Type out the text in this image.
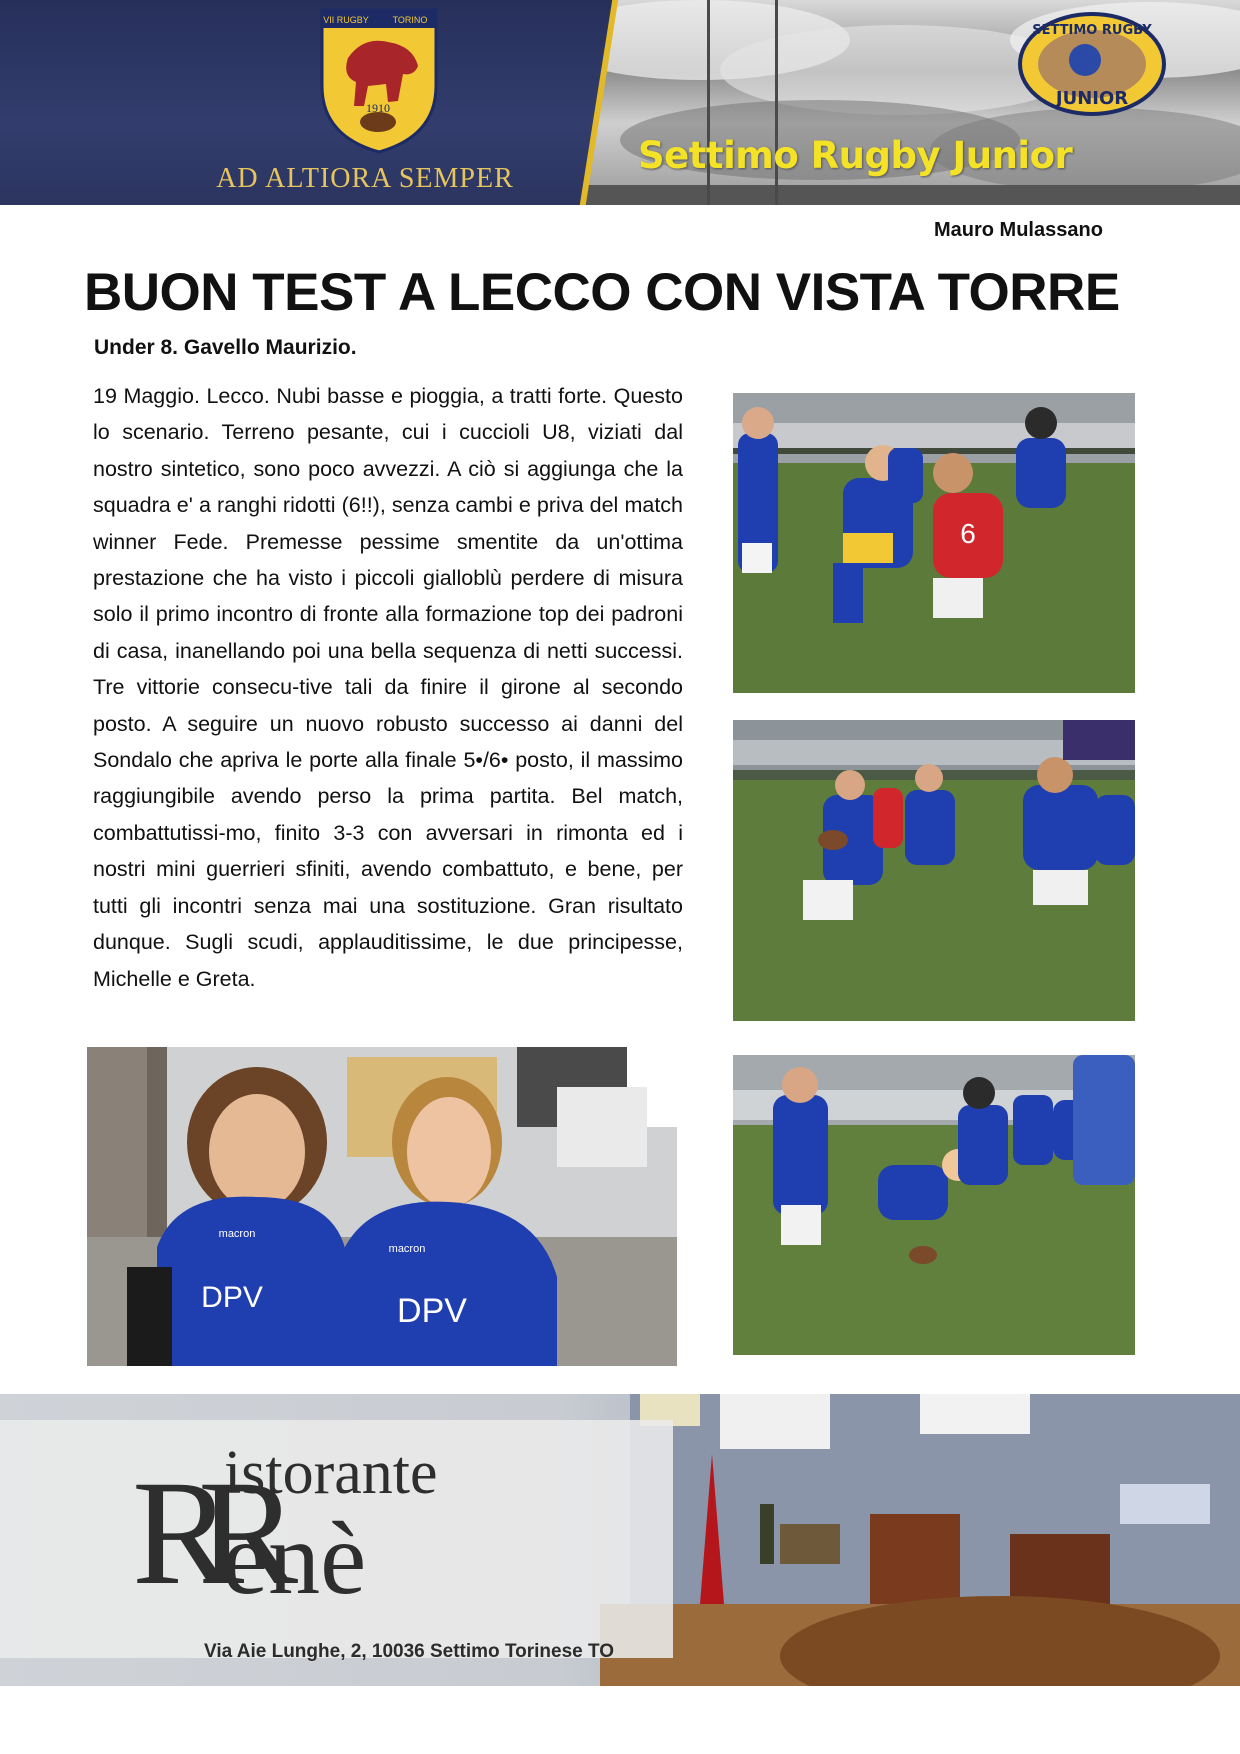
1910
VII RUGBY	TORINO
AD ALTIORA SEMPER
SETTIMO RUGBY
JUNIOR
Settimo Rugby Junior
Mauro Mulassano
BUON TEST A LECCO CON VISTA TORRE
Under 8. Gavello Maurizio.
19 Maggio. Lecco. Nubi basse e pioggia, a tratti forte. Questo lo scenario. Terreno pesante, cui i cuccioli U8, viziati dal nostro sintetico, sono poco avvezzi. A ciò si aggiunga che la squadra e' a ranghi ridotti (6!!), senza cambi e priva del match winner Fede. Premesse pessime smentite da un'ottima prestazione che ha visto i piccoli gialloblù perdere di misura solo il primo incontro di fronte alla formazione top dei padroni di casa, inanellando poi una bella sequenza di netti successi. Tre vittorie consecu-tive tali da finire il girone al secondo posto. A seguire un nuovo robusto successo ai danni del Sondalo che apriva le porte alla finale 5•/6• posto, il massimo raggiungibile avendo perso la prima partita. Bel match, combattutissi-mo, finito 3-3 con avversari in rimonta ed i nostri mini guerrieri sfiniti, avendo combattuto, e bene, per tutti gli incontri senza mai una sostituzione. Gran risultato dunque. Sugli scudi, applauditissime, le due principesse, Michelle e Greta.
6
DPV	DPV
macron
macron
RR
istorante
enè
Via Aie Lunghe, 2, 10036 Settimo Torinese TO
